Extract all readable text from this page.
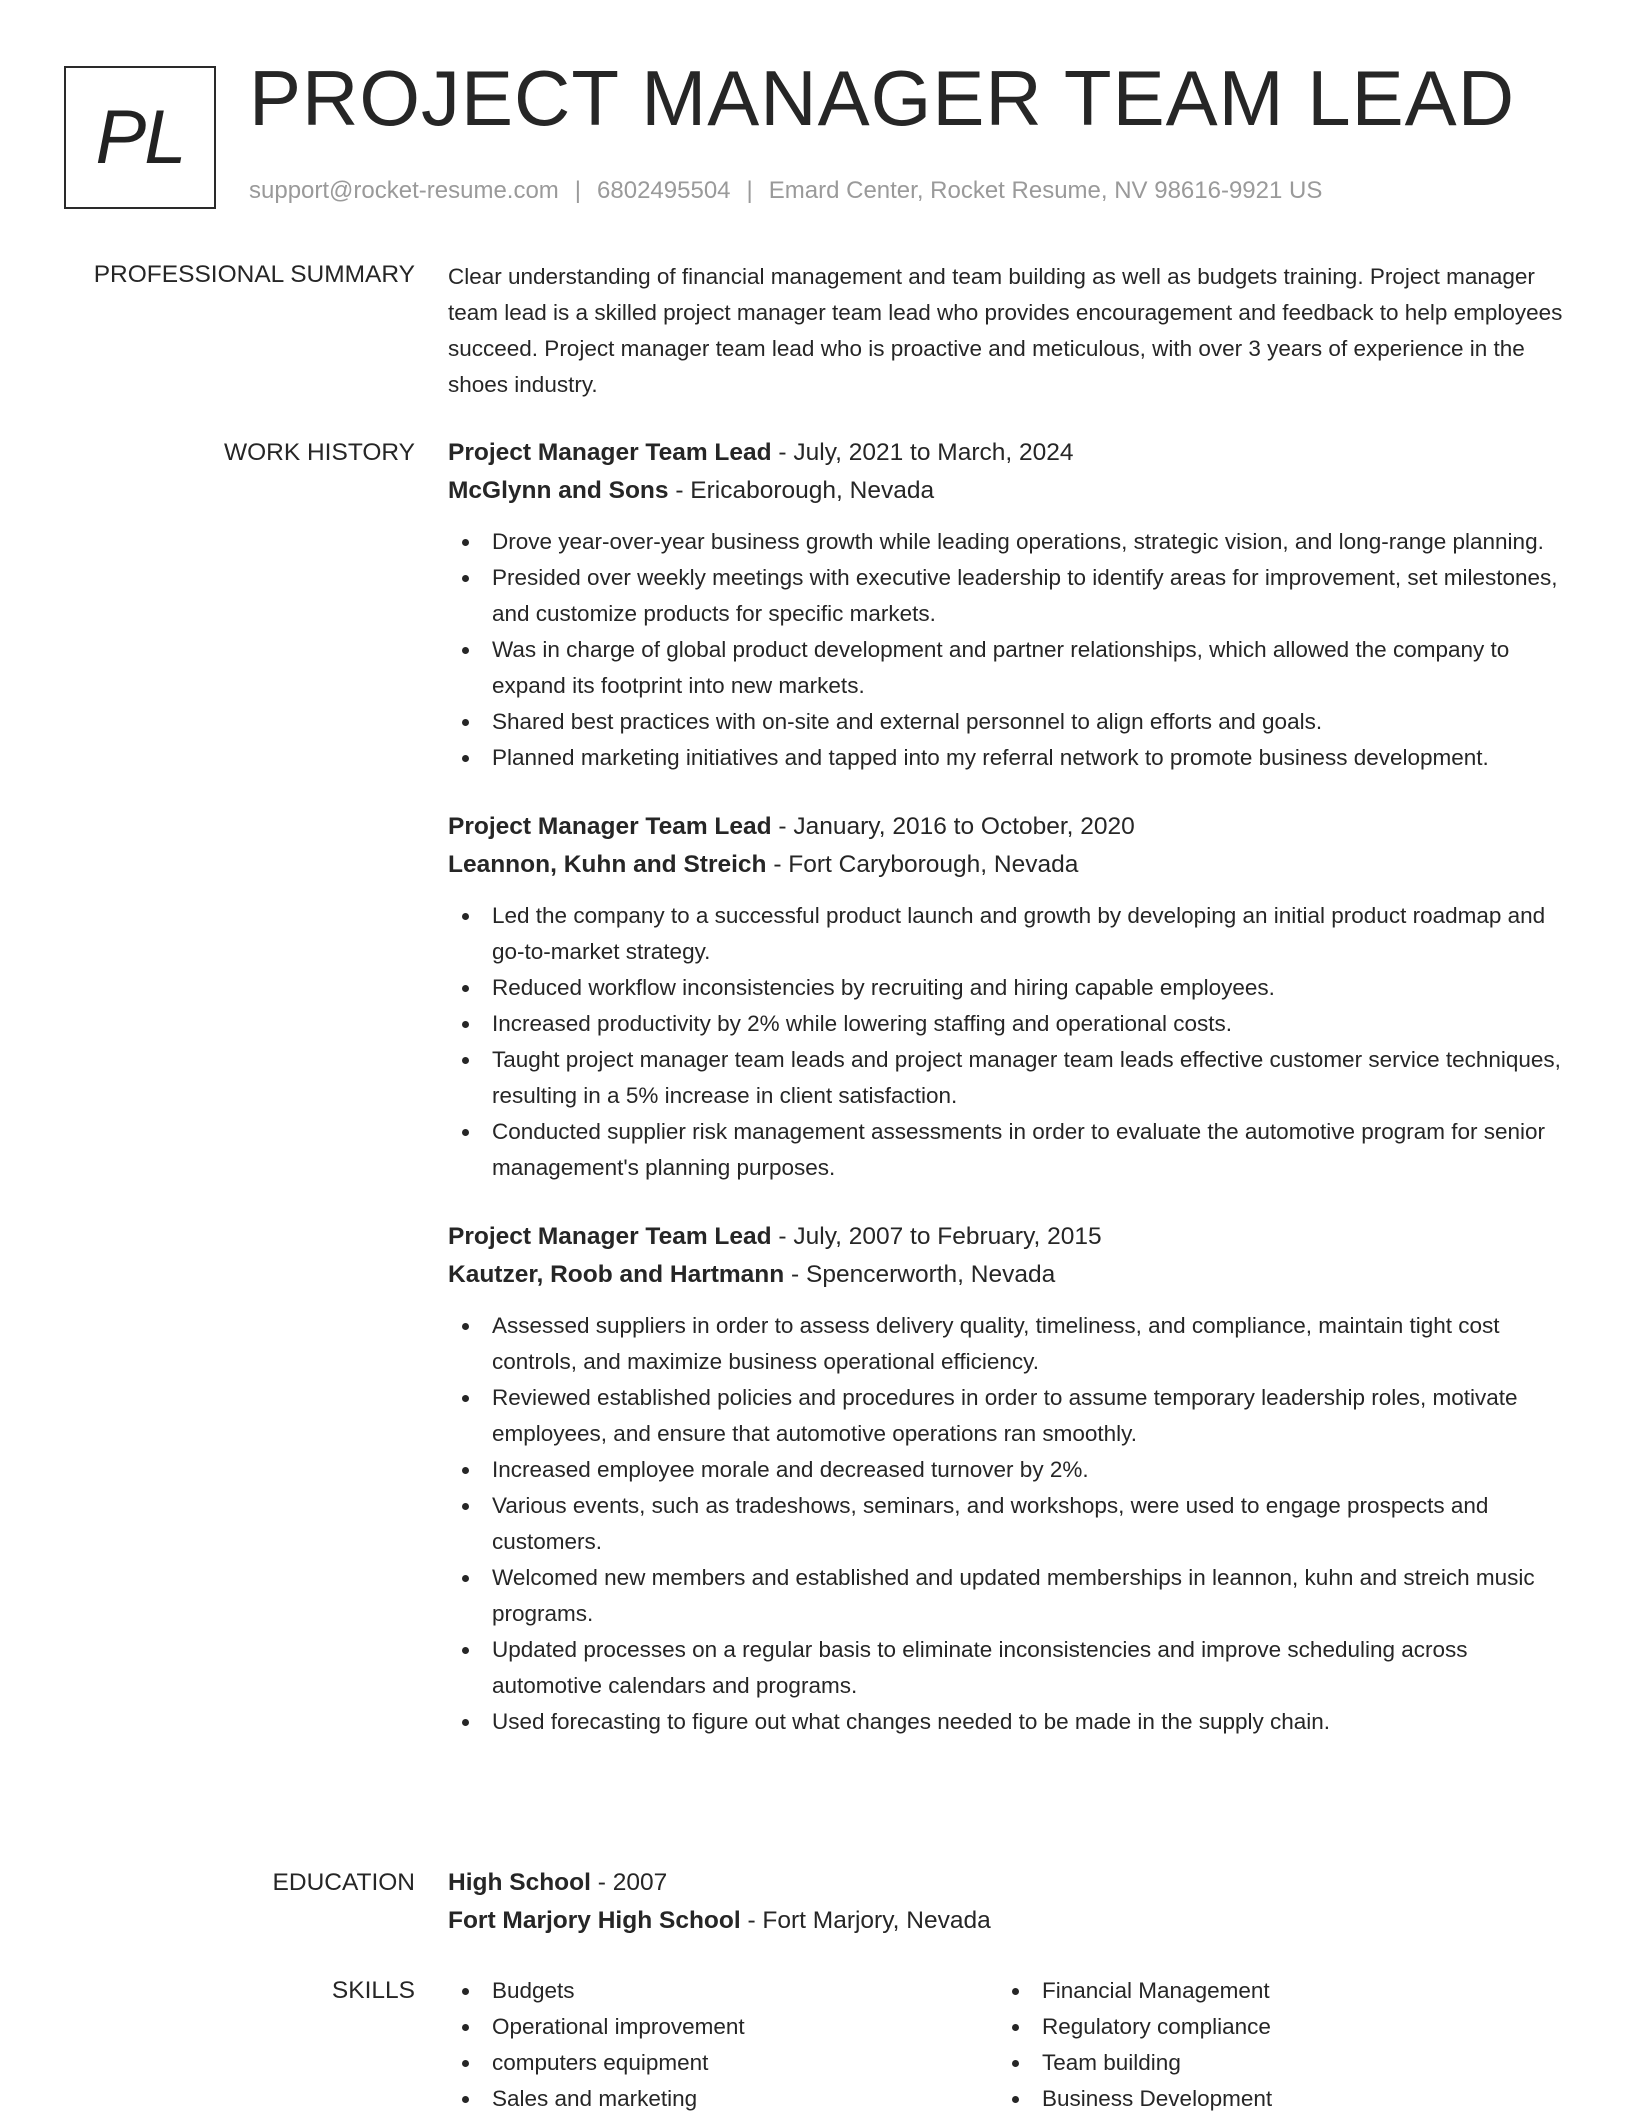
PL PROJECT MANAGER TEAM LEAD
support@rocket-resume.com | 6802495504 | Emard Center, Rocket Resume, NV 98616-9921 US
PROFESSIONAL SUMMARY Clear understanding of financial management and team building as well as budgets training. Project manager team lead is a skilled project manager team lead who provides encouragement and feedback to help employees succeed. Project manager team lead who is proactive and meticulous, with over 3 years of experience in the shoes industry.

WORK HISTORY Project Manager Team Lead - July, 2021 to March, 2024
McGlynn and Sons - Ericaborough, Nevada
Drove year-over-year business growth while leading operations, strategic vision, and long-range planning.
Presided over weekly meetings with executive leadership to identify areas for improvement, set milestones, and customize products for specific markets.
Was in charge of global product development and partner relationships, which allowed the company to expand its footprint into new markets.
Shared best practices with on-site and external personnel to align efforts and goals.
Planned marketing initiatives and tapped into my referral network to promote business development.
Project Manager Team Lead - January, 2016 to October, 2020
Leannon, Kuhn and Streich - Fort Caryborough, Nevada
Led the company to a successful product launch and growth by developing an initial product roadmap and go-to-market strategy.
Reduced workflow inconsistencies by recruiting and hiring capable employees.
Increased productivity by 2% while lowering staffing and operational costs.
Taught project manager team leads and project manager team leads effective customer service techniques, resulting in a 5% increase in client satisfaction.
Conducted supplier risk management assessments in order to evaluate the automotive program for senior management's planning purposes.
Project Manager Team Lead - July, 2007 to February, 2015
Kautzer, Roob and Hartmann - Spencerworth, Nevada
Assessed suppliers in order to assess delivery quality, timeliness, and compliance, maintain tight cost controls, and maximize business operational efficiency.
Reviewed established policies and procedures in order to assume temporary leadership roles, motivate employees, and ensure that automotive operations ran smoothly.
Increased employee morale and decreased turnover by 2%.
Various events, such as tradeshows, seminars, and workshops, were used to engage prospects and customers.
Welcomed new members and established and updated memberships in leannon, kuhn and streich music programs.
Updated processes on a regular basis to eliminate inconsistencies and improve scheduling across automotive calendars and programs.
Used forecasting to figure out what changes needed to be made in the supply chain.
EDUCATION High School - 2007
Fort Marjory High School - Fort Marjory, Nevada
SKILLS	Budgets
Operational improvement
computers equipment
Sales and marketing
Financial Management
Regulatory compliance
Team building
Business Development
